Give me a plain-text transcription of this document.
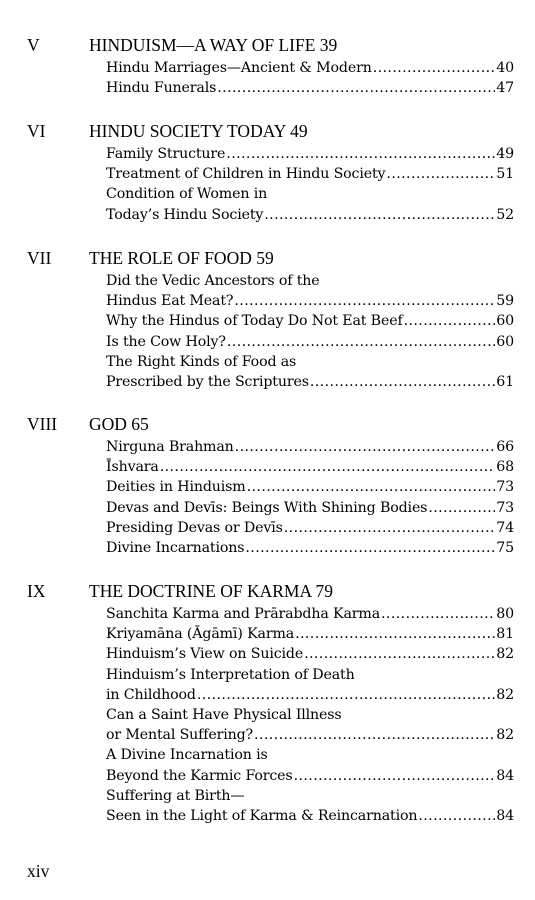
V	HINDUISM—A WAY OF LIFE 39
Hindu Marriages—Ancient & Modern .....	40
Hindu Funerals .....	47
VI HINDU SOCIETY TODAY 49
Family Structure .....	49
Treatment of Children in Hindu Society .....	51
Condition of Women in
Today’s Hindu Society .....	52
VII THE ROLE OF FOOD 59
Did the Vedic Ancestors of the
Hindus Eat Meat? .....	59
Why the Hindus of Today Do Not Eat Beef .....	60
Is the Cow Holy? .....	60
The Right Kinds of Food as
Prescribed by the Scriptures .....	61
VIII GOD 65
Nirguna Brahman .....	66
Īshvara .....	68
Deities in Hinduism .....	73
Devas and Devīs: Beings With Shining Bodies .....	73
Presiding Devas or Devīs .....	74
Divine Incarnations .....	75
IX THE DOCTRINE OF KARMA 79
Sanchita Karma and Prārabdha Karma .....	80
Kriyamāna (Āgāmī) Karma .....	81
Hinduism’s View on Suicide .....	82
Hinduism’s Interpretation of Death
in Childhood .....	82
Can a Saint Have Physical Illness
or Mental Suffering? .....	82
A Divine Incarnation is
Beyond the Karmic Forces .....	84
Suffering at Birth—
Seen in the Light of Karma & Reincarnation .....	84
xiv
